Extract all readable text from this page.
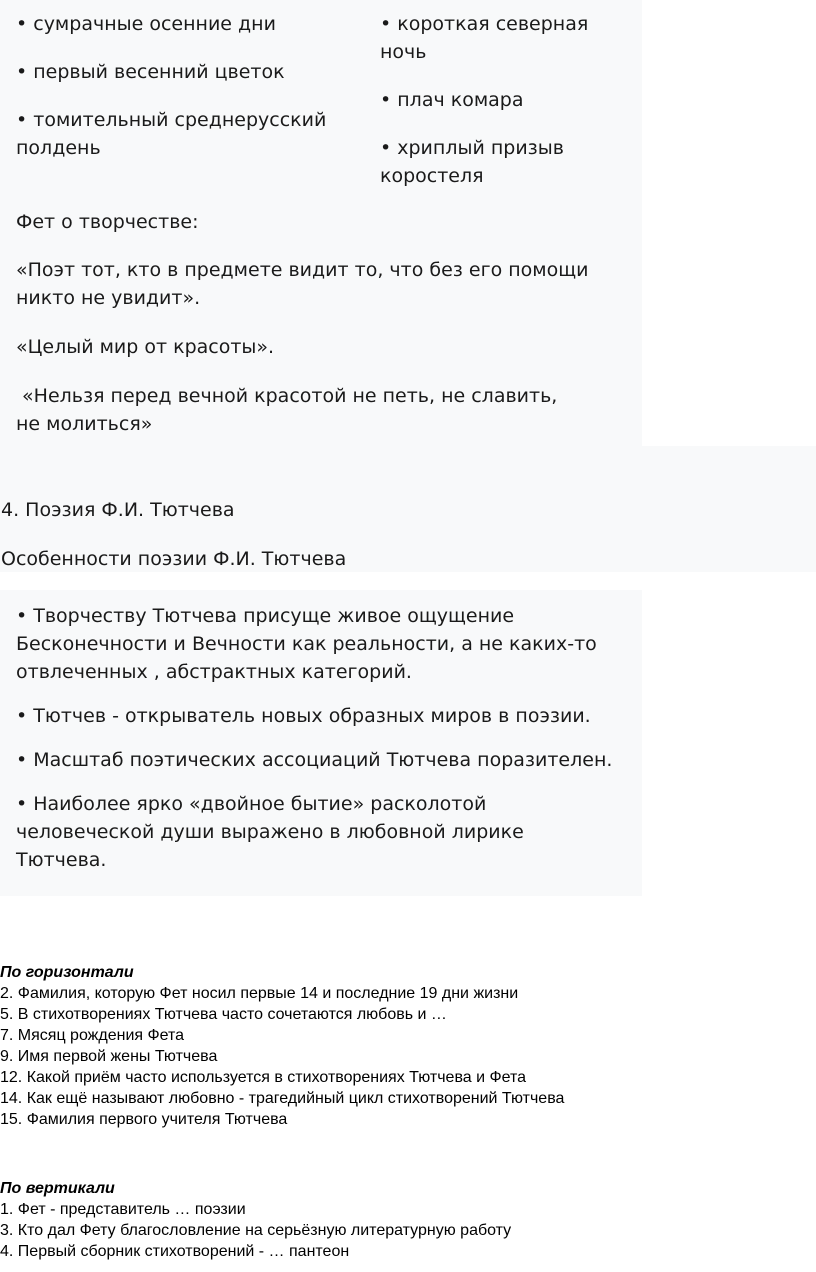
• сумрачные осенние дни

• первый весенний цветок

• томительный среднерусский полдень

• короткая северная ночь

• плач комара

• хриплый призыв коростеля

Фет о творчестве:
«Поэт тот, кто в предмете видит то, что без его помощи никто не увидит».
«Целый мир от красоты».
«Нельзя перед вечной красотой не петь, не славить, не молиться»
4. Поэзия Ф.И. Тютчева
Особенности поэзии Ф.И. Тютчева

• Творчеству Тютчева присуще живое ощущение Бесконечности и Вечности как реальности, а не каких-то отвлеченных , абстрактных категорий.

• Тютчев - открыватель новых образных миров в поэзии.

• Масштаб поэтических ассоциаций Тютчева поразителен.

• Наиболее ярко «двойное бытие» расколотой человеческой души выражено в любовной лирике Тютчева.

По горизонтали
2. Фамилия, которую Фет носил первые 14 и последние 19 дни жизни
5. В стихотворениях Тютчева часто сочетаются любовь и …
7. Мясяц рождения Фета
9. Имя первой жены Тютчева
12. Какой приём часто используется в стихотворениях Тютчева и Фета
14. Как ещё называют любовно - трагедийный цикл стихотворений Тютчева
15. Фамилия первого учителя Тютчева
По вертикали
1. Фет - представитель … поэзии
3. Кто дал Фету благословление на серьёзную литературную работу
4. Первый сборник стихотворений - … пантеон
